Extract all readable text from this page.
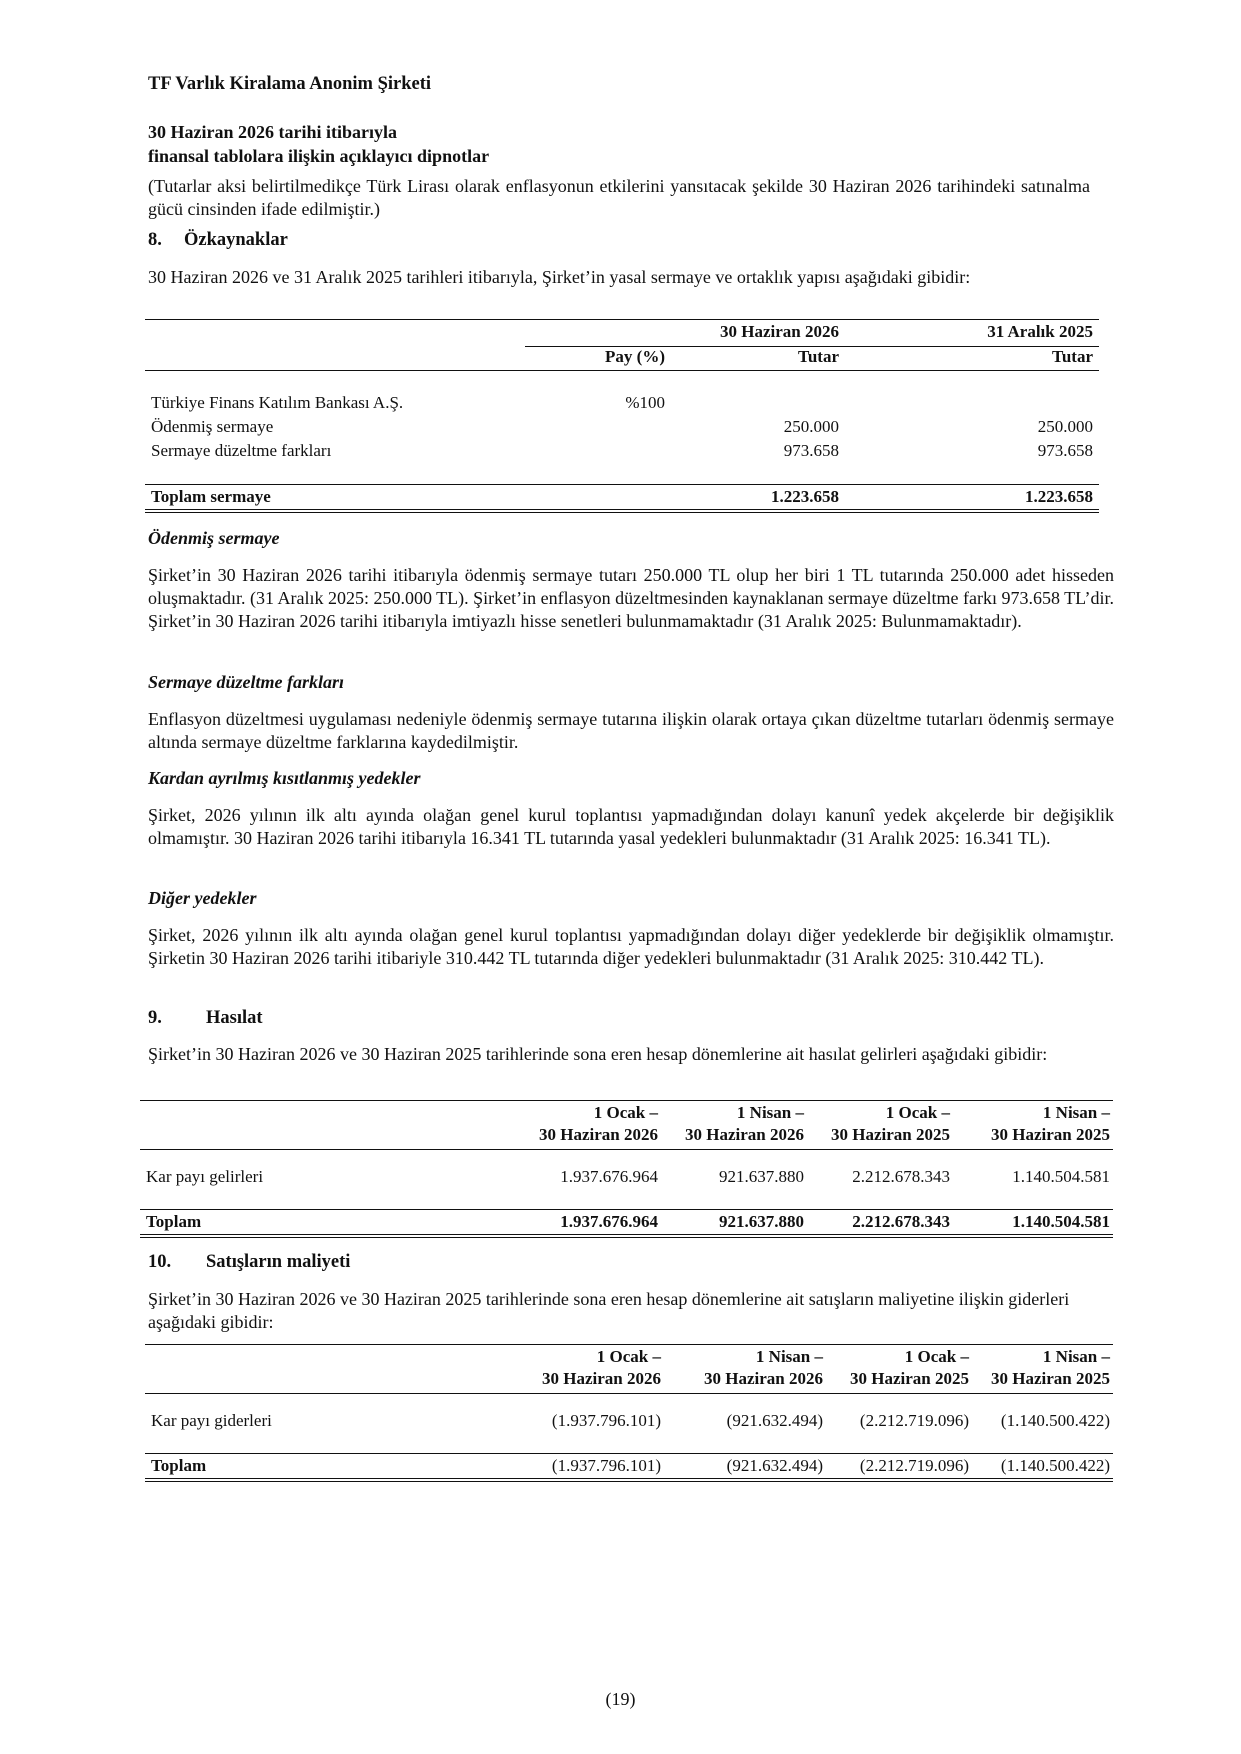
TF Varlık Kiralama Anonim Şirketi
30 Haziran 2026 tarihi itibarıyla
finansal tablolara ilişkin açıklayıcı dipnotlar
(Tutarlar aksi belirtilmedikçe Türk Lirası olarak enflasyonun etkilerini yansıtacak şekilde 30 Haziran 2026 tarihindeki satınalma gücü cinsinden ifade edilmiştir.)
8. Özkaynaklar
30 Haziran 2026 ve 31 Aralık 2025 tarihleri itibarıyla, Şirket’in yasal sermaye ve ortaklık yapısı aşağıdaki gibidir:
		30 Haziran 2026	31 Aralık 2025
	Pay (%)	Tutar	Tutar
Türkiye Finans Katılım Bankası A.Ş.	%100		
Ödenmiş sermaye		250.000	250.000
Sermaye düzeltme farkları		973.658	973.658
Toplam sermaye		1.223.658	1.223.658
Ödenmiş sermaye
Şirket’in 30 Haziran 2026 tarihi itibarıyla ödenmiş sermaye tutarı 250.000 TL olup her biri 1 TL tutarında 250.000 adet hisseden oluşmaktadır. (31 Aralık 2025: 250.000 TL). Şirket’in enflasyon düzeltmesinden kaynaklanan sermaye düzeltme farkı 973.658 TL’dir. Şirket’in 30 Haziran 2026 tarihi itibarıyla imtiyazlı hisse senetleri bulunmamaktadır (31 Aralık 2025: Bulunmamaktadır).
Sermaye düzeltme farkları
Enflasyon düzeltmesi uygulaması nedeniyle ödenmiş sermaye tutarına ilişkin olarak ortaya çıkan düzeltme tutarları ödenmiş sermaye altında sermaye düzeltme farklarına kaydedilmiştir.
Kardan ayrılmış kısıtlanmış yedekler
Şirket, 2026 yılının ilk altı ayında olağan genel kurul toplantısı yapmadığından dolayı kanunî yedek akçelerde bir değişiklik olmamıştır. 30 Haziran 2026 tarihi itibarıyla 16.341 TL tutarında yasal yedekleri bulunmaktadır (31 Aralık 2025: 16.341 TL).
Diğer yedekler
Şirket, 2026 yılının ilk altı ayında olağan genel kurul toplantısı yapmadığından dolayı diğer yedeklerde bir değişiklik olmamıştır. Şirketin 30 Haziran 2026 tarihi itibariyle 310.442 TL tutarında diğer yedekleri bulunmaktadır (31 Aralık 2025: 310.442 TL).
9. Hasılat
Şirket’in 30 Haziran 2026 ve 30 Haziran 2025 tarihlerinde sona eren hesap dönemlerine ait hasılat gelirleri aşağıdaki gibidir:
	1 Ocak –	1 Nisan –	1 Ocak –	1 Nisan –
	30 Haziran 2026	30 Haziran 2026	30 Haziran 2025	30 Haziran 2025
Kar payı gelirleri	1.937.676.964	921.637.880	2.212.678.343	1.140.504.581
Toplam	1.937.676.964	921.637.880	2.212.678.343	1.140.504.581
10. Satışların maliyeti
Şirket’in 30 Haziran 2026 ve 30 Haziran 2025 tarihlerinde sona eren hesap dönemlerine ait satışların maliyetine ilişkin giderleri aşağıdaki gibidir:
	1 Ocak –	1 Nisan –	1 Ocak –	1 Nisan –
	30 Haziran 2026	30 Haziran 2026	30 Haziran 2025	30 Haziran 2025
Kar payı giderleri	(1.937.796.101)	(921.632.494)	(2.212.719.096)	(1.140.500.422)
Toplam	(1.937.796.101)	(921.632.494)	(2.212.719.096)	(1.140.500.422)
(19)
